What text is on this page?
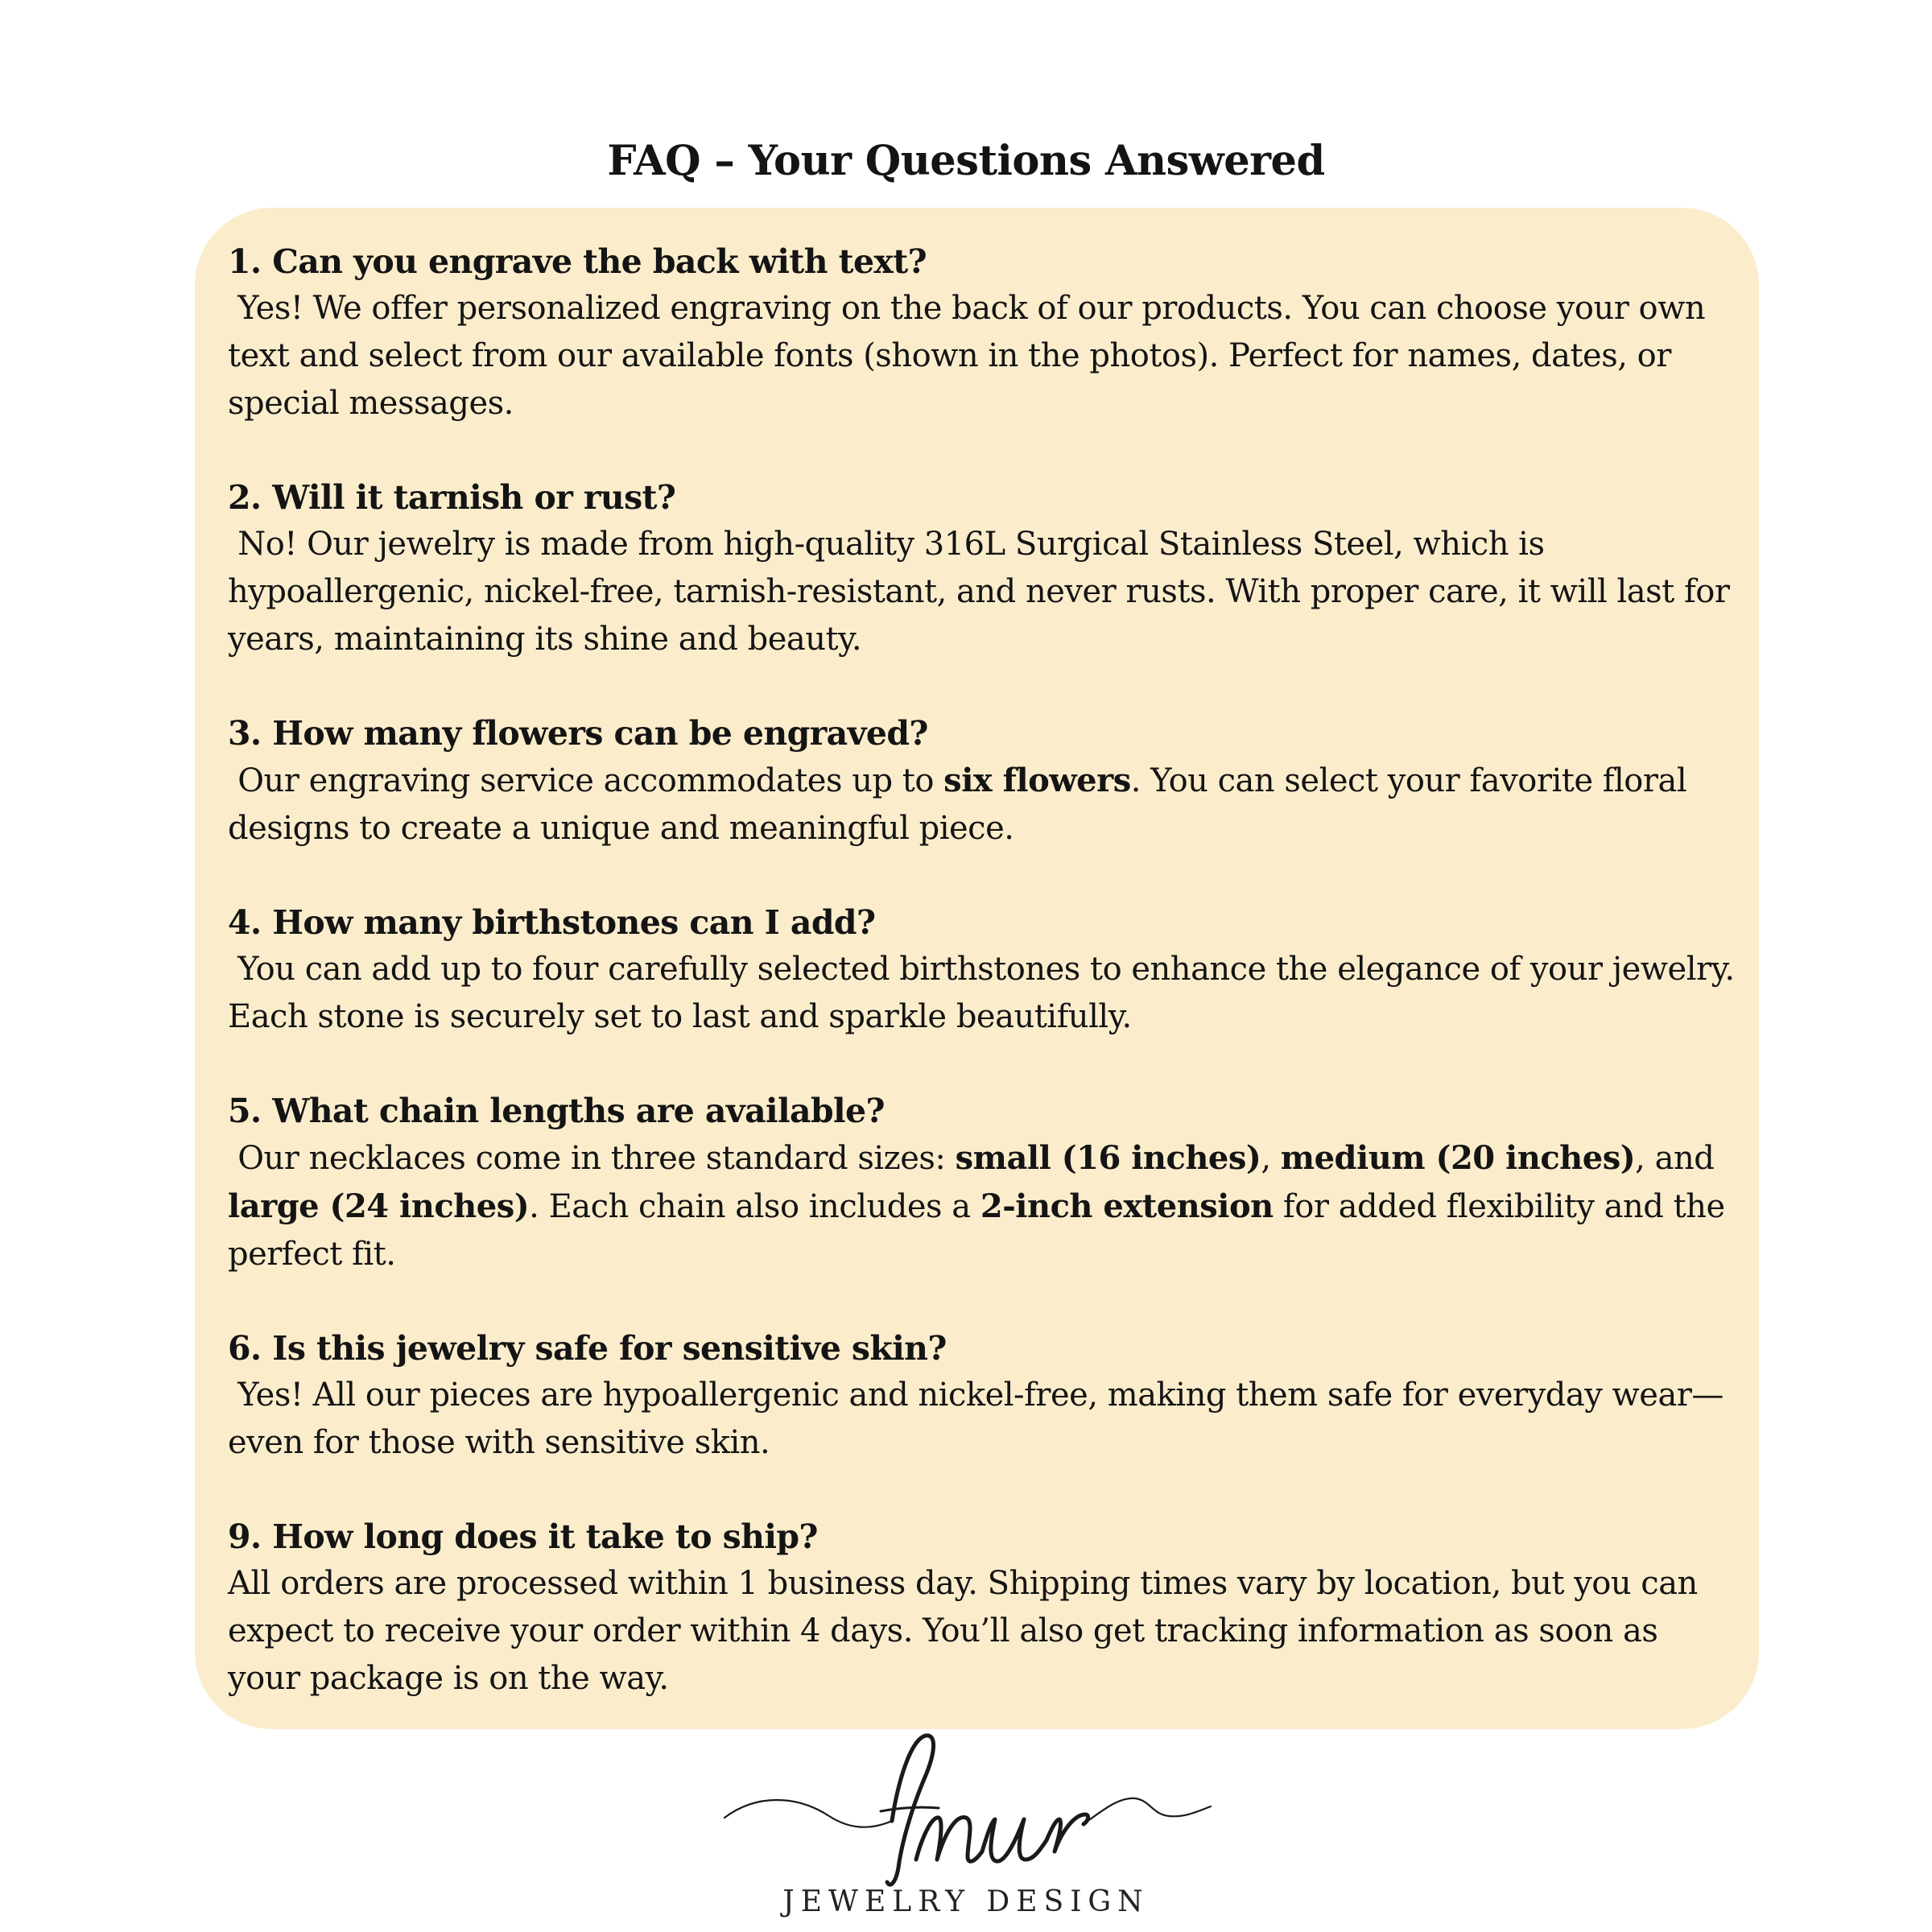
FAQ – Your Questions Answered

1. Can you engrave the back with text?

Yes! We offer personalized engraving on the back of our products. You can choose your own text and select from our available fonts (shown in the photos). Perfect for names, dates, or special messages.

2. Will it tarnish or rust?

No! Our jewelry is made from high-quality 316L Surgical Stainless Steel, which is hypoallergenic, nickel-free, tarnish-resistant, and never rusts. With proper care, it will last for years, maintaining its shine and beauty.

3. How many flowers can be engraved?

Our engraving service accommodates up to six flowers. You can select your favorite floral designs to create a unique and meaningful piece.

4. How many birthstones can I add?

You can add up to four carefully selected birthstones to enhance the elegance of your jewelry. Each stone is securely set to last and sparkle beautifully.

5. What chain lengths are available?

Our necklaces come in three standard sizes: small (16 inches), medium (20 inches), and large (24 inches). Each chain also includes a 2-inch extension for added flexibility and the perfect fit.

6. Is this jewelry safe for sensitive skin?

Yes! All our pieces are hypoallergenic and nickel-free, making them safe for everyday wear—even for those with sensitive skin.

9. How long does it take to ship?

All orders are processed within 1 business day. Shipping times vary by location, but you can expect to receive your order within 4 days. You’ll also get tracking information as soon as your package is on the way.

JEWELRY DESIGN
